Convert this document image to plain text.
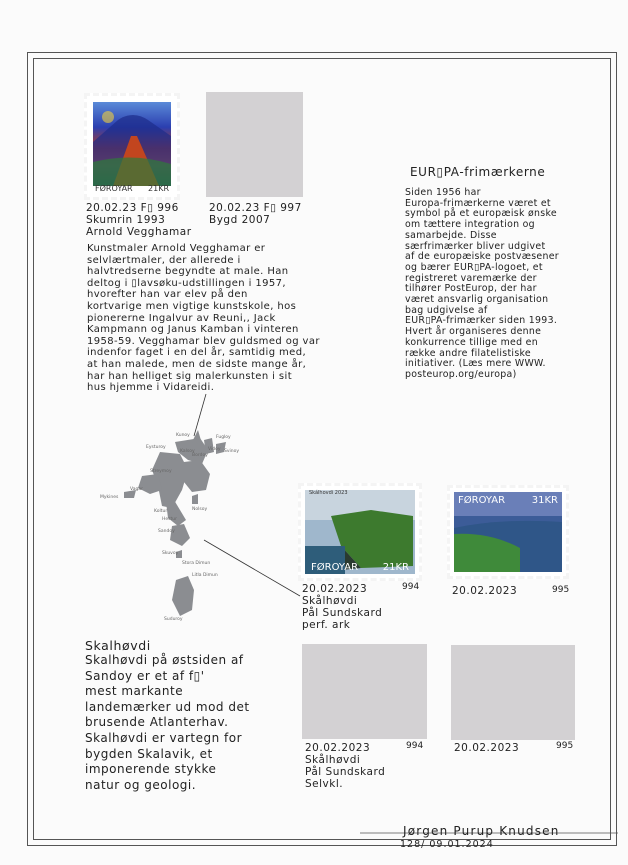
FØROYAR 21KR
20.02.23 F▯ 996
Skumrin 1993
Arnold Vegghamar
20.02.23 F▯ 997
Bygd 2007
EUR▯PA-frimærkerne
Siden 1956 har
Europa-frimærkerne været et
symbol på et europæisk ønske
om tættere integration og
samarbejde. Disse
særfrimærker bliver udgivet
af de europæiske postvæsener
og bærer EUR▯PA-logoet, et
registreret varemærke der
tilhører PostEurop, der har
været ansvarlig organisation
bag udgivelse af
EUR▯PA-frimærker siden 1993.
Hvert år organiseres denne
konkurrence tillige med en
række andre filatelistiske
initiativer. (Læs mere WWW.
posteurop.org/europa)
Kunstmaler Arnold Vegghamar er
selvlærtmaler, der allerede i
halvtredserne begyndte at male. Han
deltog i ▯lavsøku-udstillingen i 1957,
hvorefter han var elev på den
kortvarige men vigtige kunstskole, hos
pionererne Ingalvur av Reuni,, Jack
Kampmann og Janus Kamban i vinteren
1958-59. Vegghamar blev guldsmed og var
indenfor faget i en del år, samtidig med,
at han malede, men de sidste mange år,
har han helliget sig malerkunsten i sit
hus hjemme i Vidareidi.
Kunoy	Fugloy
Eysturoy	Vidoy
Streymoy
Mykines
Vagar
Koltur
Hestur
Nolsoy
Sandoy
Skuvoy
Stora Dimun
Litla Dimun
Suduroy
Svinoy
Bordoy
Kalsoy
Skálhovdi 2023
FØROYAR 21KR
FØROYAR	31KR
20.02.2023	994
Skålhøvdi
Pål Sundskard
perf. ark
20.02.2023	995
Skalhøvdi
Skalhøvdi på østsiden af
Sandoy er et af f▯'
mest markante
landemærker ud mod det
brusende Atlanterhav.
Skalhøvdi er vartegn for
bygden Skalavik, et
imponerende stykke
natur og geologi.
20.02.2023	994
Skålhøvdi
Pål Sundskard
Selvkl.
20.02.2023	995
Jørgen Purup Knudsen
128/ 09.01.2024
